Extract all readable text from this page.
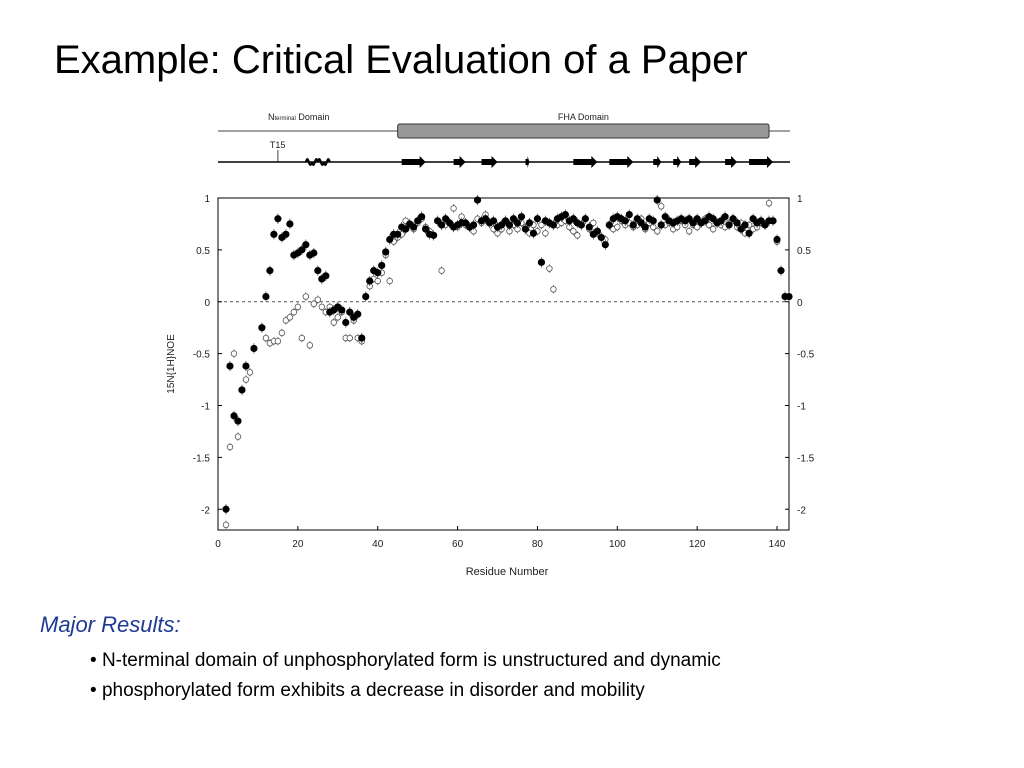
Example: Critical Evaluation of a Paper
Nterminal Domain	FHA Domain
T15
1
0.5
0
-0.5
-1
-1.5
-2
1
0.5
0
-0.5
-1
-1.5
-2
0	20	40	60	80	100	120	140
Residue Number
15N{1H}NOE
Major Results:
• N-terminal domain of unphosphorylated form is unstructured and dynamic
• phosphorylated form exhibits a decrease in disorder and mobility
